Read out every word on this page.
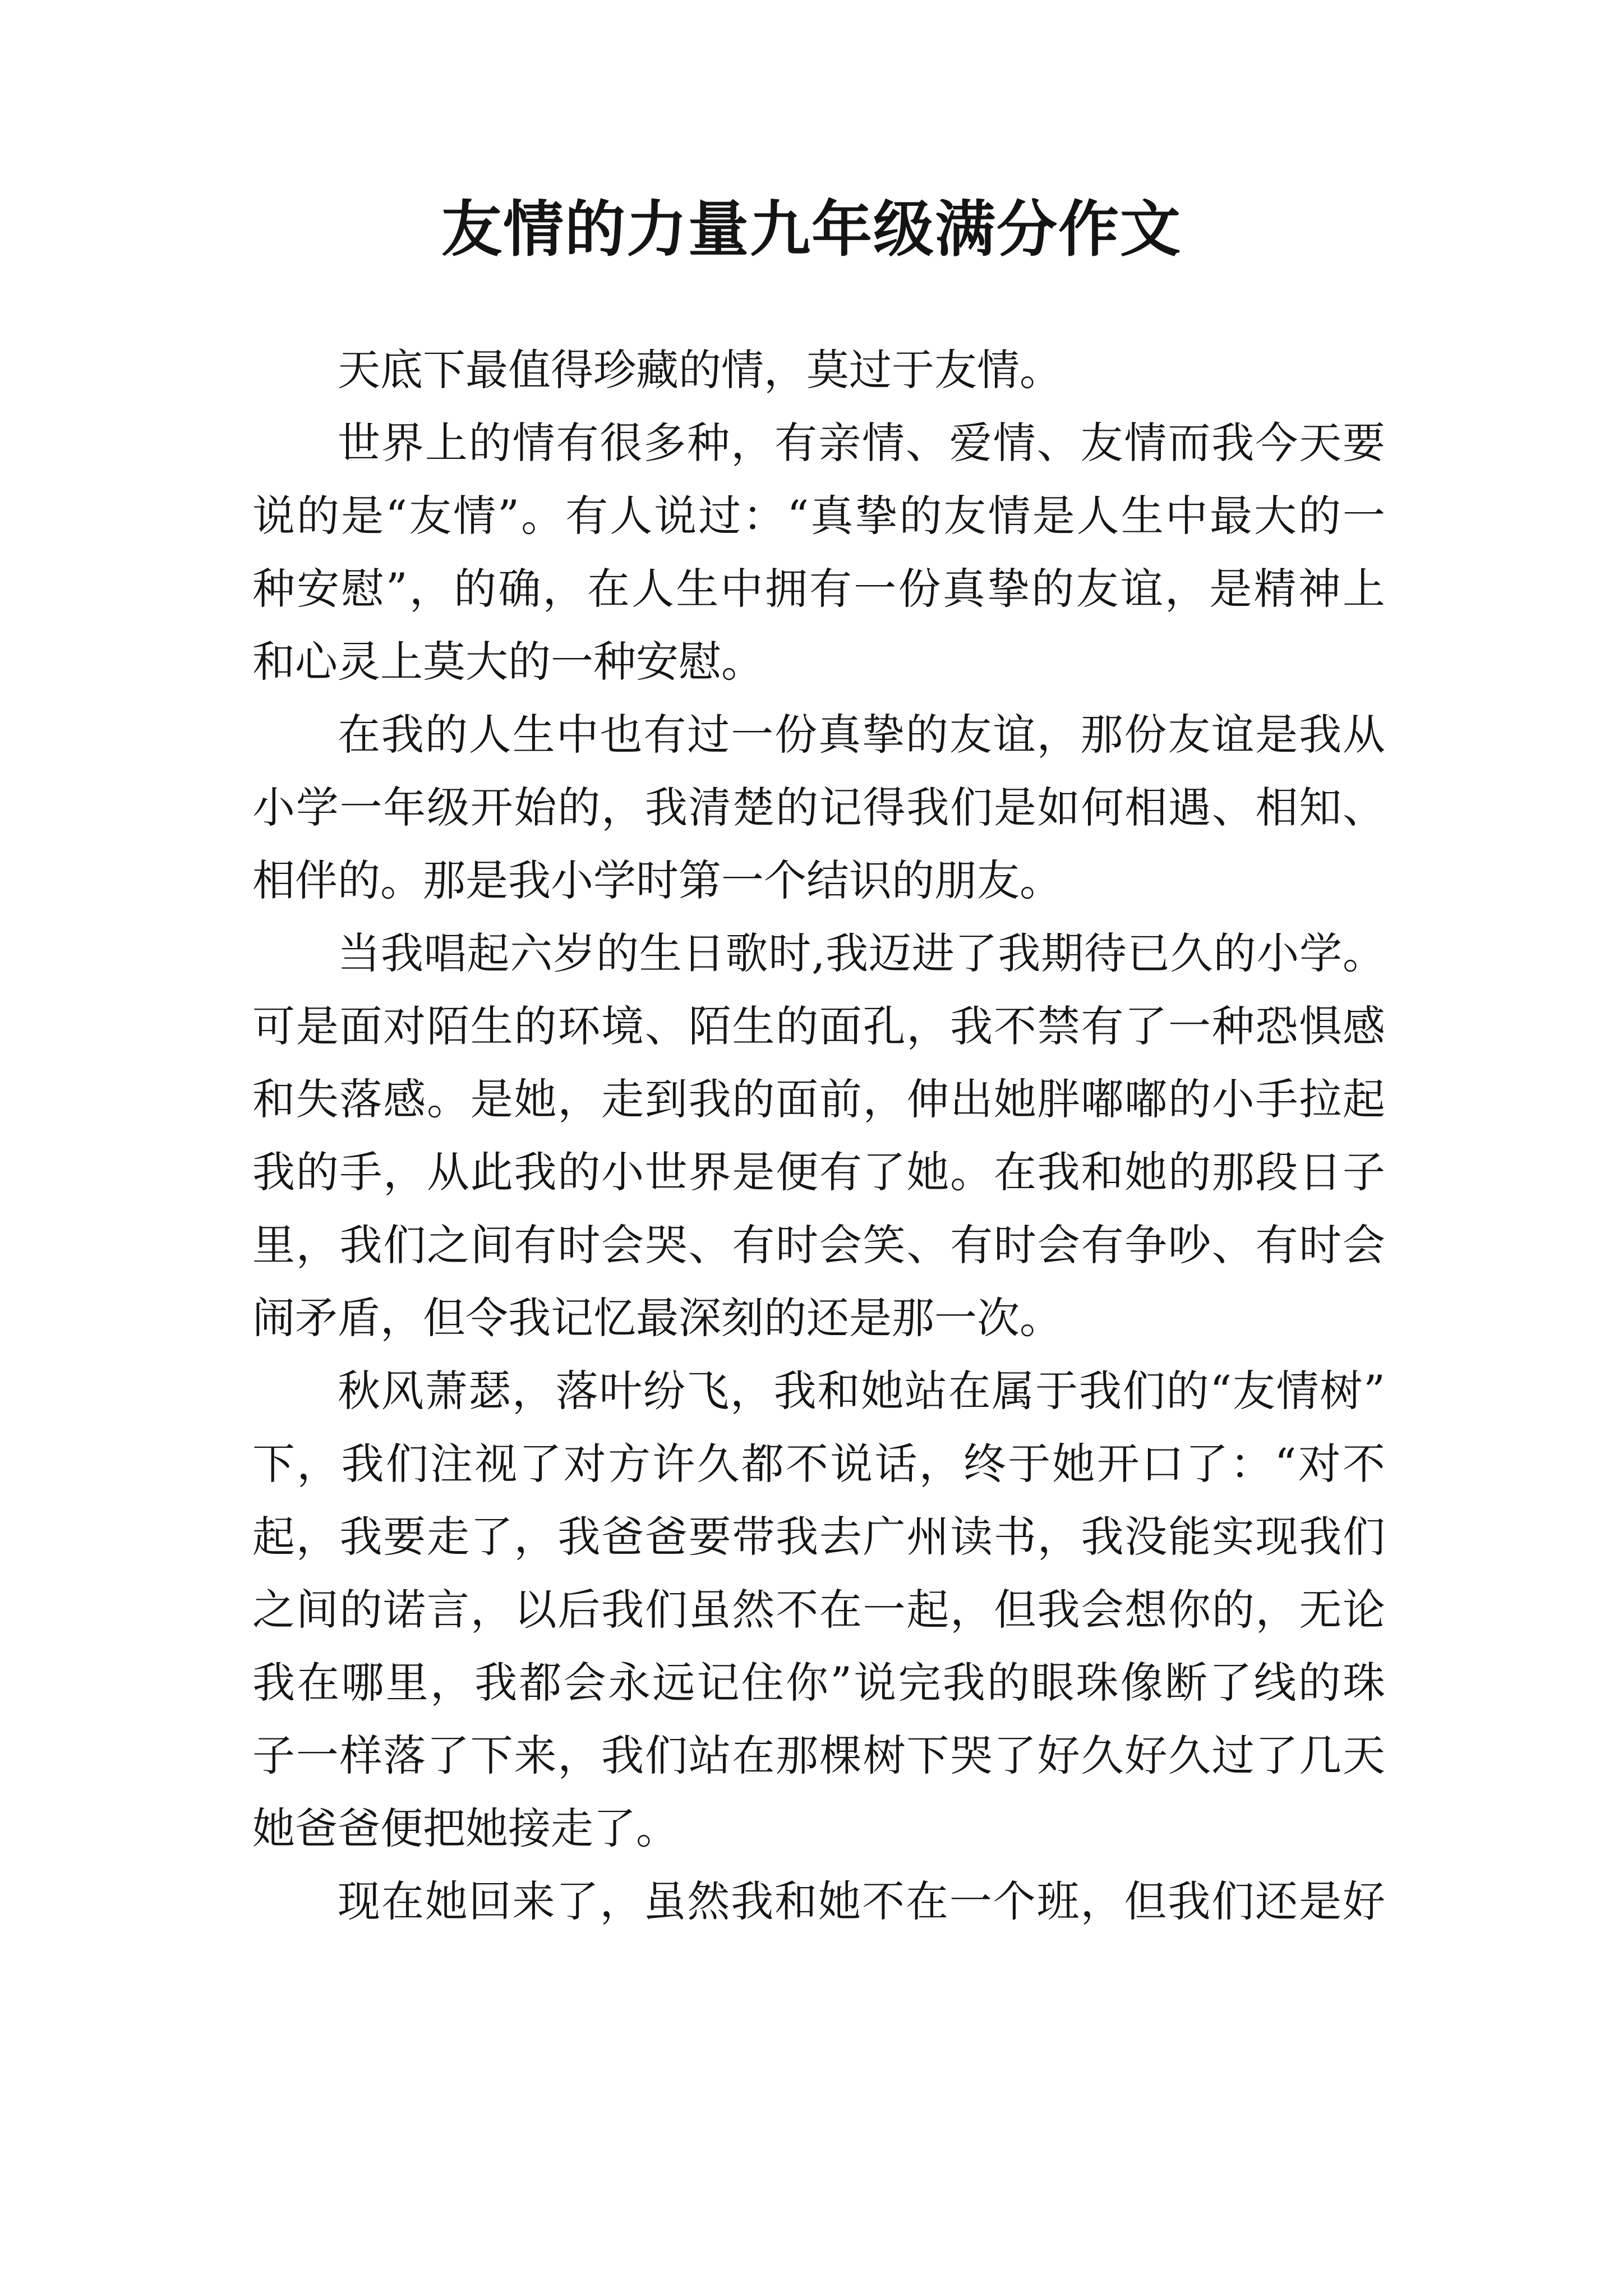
友情的力量九年级满分作文
天底下最值得珍藏的情，莫过于友情。
世界上的情有很多种，有亲情、爱情、友情而我今天要
说的是“友情”。有人说过：“真挚的友情是人生中最大的一
种安慰”，的确，在人生中拥有一份真挚的友谊，是精神上
和心灵上莫大的一种安慰。
在我的人生中也有过一份真挚的友谊，那份友谊是我从
小学一年级开始的，我清楚的记得我们是如何相遇、相知、
相伴的。那是我小学时第一个结识的朋友。
当我唱起六岁的生日歌时,我迈进了我期待已久的小学。
可是面对陌生的环境、陌生的面孔，我不禁有了一种恐惧感
和失落感。是她，走到我的面前，伸出她胖嘟嘟的小手拉起
我的手，从此我的小世界是便有了她。在我和她的那段日子
里，我们之间有时会哭、有时会笑、有时会有争吵、有时会
闹矛盾，但令我记忆最深刻的还是那一次。
秋风萧瑟，落叶纷飞，我和她站在属于我们的“友情树”
下，我们注视了对方许久都不说话，终于她开口了：“对不
起，我要走了，我爸爸要带我去广州读书，我没能实现我们
之间的诺言，以后我们虽然不在一起，但我会想你的，无论
我在哪里，我都会永远记住你”说完我的眼珠像断了线的珠
子一样落了下来，我们站在那棵树下哭了好久好久过了几天
她爸爸便把她接走了。
现在她回来了，虽然我和她不在一个班，但我们还是好
